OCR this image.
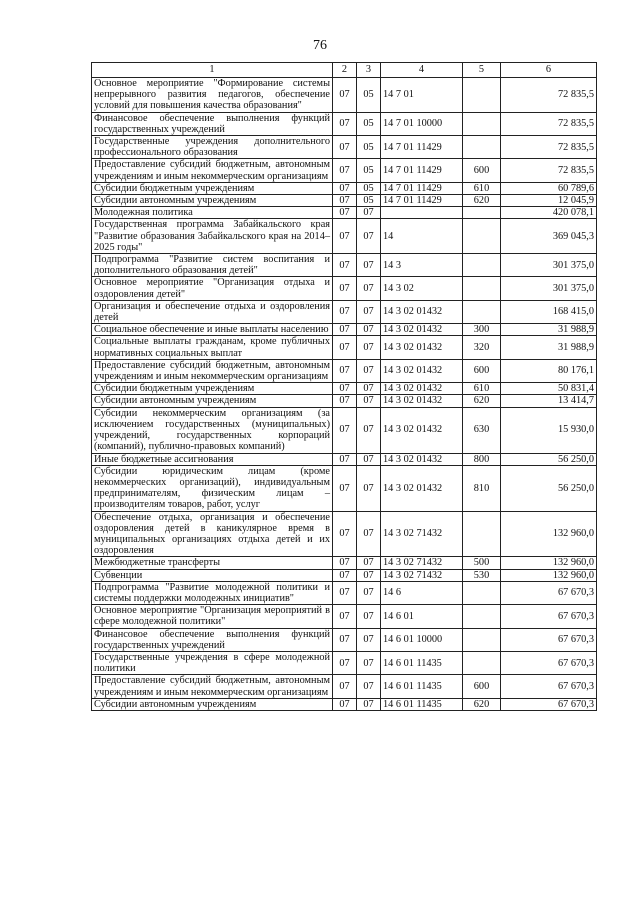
76
1	2	3	4	5	6
Основное мероприятие "Формирование системы непрерывного развития педагогов, обеспечение условий для повышения качества образования"	07	05	14 7 01		72 835,5
Финансовое обеспечение выполнения функций государственных учреждений	07	05	14 7 01 10000		72 835,5
Государственные учреждения дополнительного профессионального образования	07	05	14 7 01 11429		72 835,5
Предоставление субсидий бюджетным, автономным учреждениям и иным некоммерческим организациям	07	05	14 7 01 11429	600	72 835,5
Субсидии бюджетным учреждениям	07	05	14 7 01 11429	610	60 789,6
Субсидии автономным учреждениям	07	05	14 7 01 11429	620	12 045,9
Молодежная политика	07	07			420 078,1
Государственная программа Забайкальского края "Развитие образования Забайкальского края на 2014–2025 годы"	07	07	14		369 045,3
Подпрограмма "Развитие систем воспитания и дополнительного образования детей"	07	07	14 3		301 375,0
Основное мероприятие "Организация отдыха и оздоровления детей"	07	07	14 3 02		301 375,0
Организация и обеспечение отдыха и оздоровления детей	07	07	14 3 02 01432		168 415,0
Социальное обеспечение и иные выплаты населению	07	07	14 3 02 01432	300	31 988,9
Социальные выплаты гражданам, кроме публичных нормативных социальных выплат	07	07	14 3 02 01432	320	31 988,9
Предоставление субсидий бюджетным, автономным учреждениям и иным некоммерческим организациям	07	07	14 3 02 01432	600	80 176,1
Субсидии бюджетным учреждениям	07	07	14 3 02 01432	610	50 831,4
Субсидии автономным учреждениям	07	07	14 3 02 01432	620	13 414,7
Субсидии некоммерческим организациям (за исключением государственных (муниципальных) учреждений, государственных корпораций (компаний), публично-правовых компаний)	07	07	14 3 02 01432	630	15 930,0
Иные бюджетные ассигнования	07	07	14 3 02 01432	800	56 250,0
Субсидии юридическим лицам (кроме некоммерческих организаций), индивидуальным предпринимателям, физическим лицам – производителям товаров, работ, услуг	07	07	14 3 02 01432	810	56 250,0
Обеспечение отдыха, организация и обеспечение оздоровления детей в каникулярное время в муниципальных организациях отдыха детей и их оздоровления	07	07	14 3 02 71432		132 960,0
Межбюджетные трансферты	07	07	14 3 02 71432	500	132 960,0
Субвенции	07	07	14 3 02 71432	530	132 960,0
Подпрограмма "Развитие молодежной политики и системы поддержки молодежных инициатив"	07	07	14 6		67 670,3
Основное мероприятие "Организация мероприятий в сфере молодежной политики"	07	07	14 6 01		67 670,3
Финансовое обеспечение выполнения функций государственных учреждений	07	07	14 6 01 10000		67 670,3
Государственные учреждения в сфере молодежной политики	07	07	14 6 01 11435		67 670,3
Предоставление субсидий бюджетным, автономным учреждениям и иным некоммерческим организациям	07	07	14 6 01 11435	600	67 670,3
Субсидии автономным учреждениям	07	07	14 6 01 11435	620	67 670,3
